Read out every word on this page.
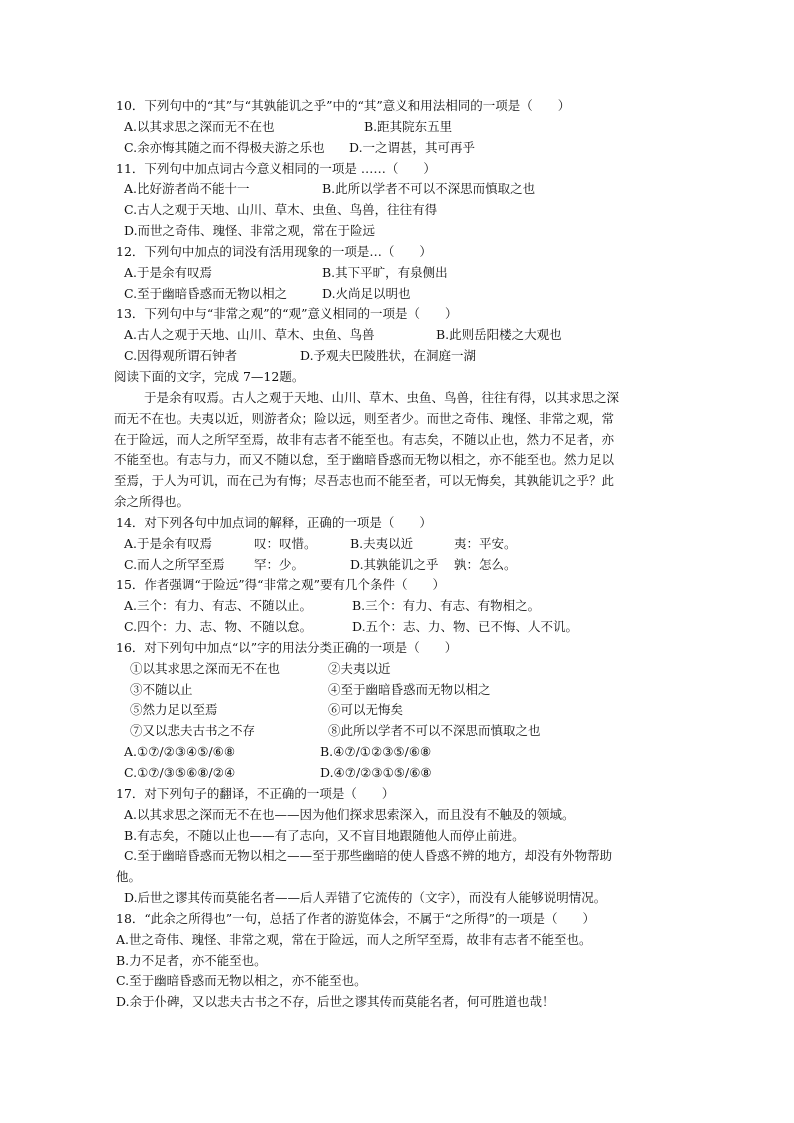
10．下列句中的“其”与“其孰能讥之乎”中的“其”意义和用法相同的一项是（　　）
A.以其求思之深而无不在也	B.距其院东五里
C.余亦悔其随之而不得极夫游之乐也 D.一之谓甚，其可再乎
11．下列句中加点词古今意义相同的一项是 ……（　　）
A.比好游者尚不能十一	B.此所以学者不可以不深思而慎取之也
C.古人之观于天地、山川、草木、虫鱼、鸟兽，往往有得
D.而世之奇伟、瑰怪、非常之观，常在于险远
12．下列句中加点的词没有活用现象的一项是…（　　）
A.于是余有叹焉	B.其下平旷，有泉侧出
C.至于幽暗昏惑而无物以相之	D.火尚足以明也
13．下列句中与“非常之观”的“观”意义相同的一项是（　　）
A.古人之观于天地、山川、草木、虫鱼、鸟兽	B.此则岳阳楼之大观也
C.因得观所谓石钟者	D.予观夫巴陵胜状，在洞庭一湖
阅读下面的文字，完成 7—12题。
于是余有叹焉。古人之观于天地、山川、草木、虫鱼、鸟兽，往往有得，以其求思之深
而无不在也。夫夷以近，则游者众；险以远，则至者少。而世之奇伟、瑰怪、非常之观，常
在于险远，而人之所罕至焉，故非有志者不能至也。有志矣，不随以止也，然力不足者，亦
不能至也。有志与力，而又不随以怠，至于幽暗昏惑而无物以相之，亦不能至也。然力足以
至焉，于人为可讥，而在己为有悔；尽吾志也而不能至者，可以无悔矣，其孰能讥之乎？此
余之所得也。
14．对下列各句中加点词的解释，正确的一项是（　　）
A.于是余有叹焉	叹：叹惜。	B.夫夷以近	夷：平安。
C.而人之所罕至焉 罕：少。	D.其孰能讥之乎 孰：怎么。
15．作者强调“于险远”得“非常之观”要有几个条件（　　）
A.三个：有力、有志、不随以止。	B.三个：有力、有志、有物相之。
C.四个：力、志、物、不随以怠。	D.五个：志、力、物、已不悔、人不讥。
16．对下列句中加点“以”字的用法分类正确的一项是（　　）
①以其求思之深而无不在也	②夫夷以近
③不随以止	④至于幽暗昏惑而无物以相之
⑤然力足以至焉	⑥可以无悔矣
⑦又以悲夫古书之不存	⑧此所以学者不可以不深思而慎取之也
A.①⑦/②③④⑤/⑥⑧	B.④⑦/①②③⑤/⑥⑧
C.①⑦/③⑤⑥⑧/②④	D.④⑦/②③①⑤/⑥⑧
17．对下列句子的翻译，不正确的一项是（　　）
A.以其求思之深而无不在也——因为他们探求思索深入，而且没有不触及的领域。
B.有志矣，不随以止也——有了志向，又不盲目地跟随他人而停止前进。
C.至于幽暗昏惑而无物以相之——至于那些幽暗的使人昏惑不辨的地方，却没有外物帮助
他。
D.后世之谬其传而莫能名者——后人弄错了它流传的（文字），而没有人能够说明情况。
18．“此余之所得也”一句，总括了作者的游览体会，不属于“之所得”的一项是（　　）
A.世之奇伟、瑰怪、非常之观，常在于险远，而人之所罕至焉，故非有志者不能至也。
B.力不足者，亦不能至也。
C.至于幽暗昏惑而无物以相之，亦不能至也。
D.余于仆碑，又以悲夫古书之不存，后世之谬其传而莫能名者，何可胜道也哉！
